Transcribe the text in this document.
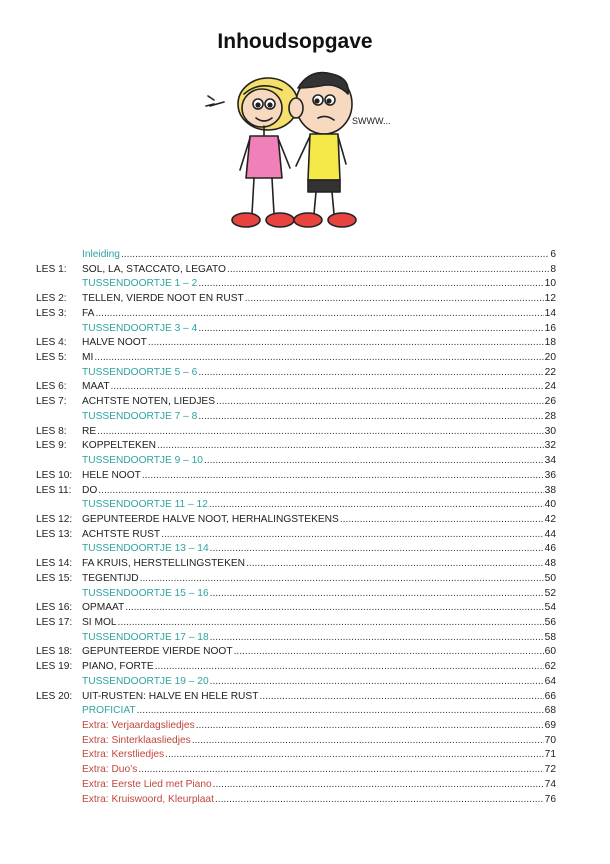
Inhoudsopgave
SWWW...
Inleiding .....	6
LES 1:	SOL, LA, STACCATO, LEGATO .....	8
TUSSENDOORTJE 1 – 2 .....	10
LES 2:	TELLEN, VIERDE NOOT EN RUST .....	12
LES 3:	FA .....	14
TUSSENDOORTJE 3 – 4 .....	16
LES 4:	HALVE NOOT .....	18
LES 5:	MI .....	20
TUSSENDOORTJE 5 – 6 .....	22
LES 6:	MAAT .....	24
LES 7:	ACHTSTE NOTEN, LIEDJES .....	26
TUSSENDOORTJE 7 – 8 .....	28
LES 8:	RE .....	30
LES 9:	KOPPELTEKEN .....	32
TUSSENDOORTJE 9 – 10 .....	34
LES 10: HELE NOOT .....	36
LES 11:	DO .....	38
TUSSENDOORTJE 11 – 12 .....	40
LES 12: GEPUNTEERDE HALVE NOOT, HERHALINGSTEKENS .....	42
LES 13: ACHTSTE RUST .....	44
TUSSENDOORTJE 13 – 14 .....	46
LES 14: FA KRUIS, HERSTELLINGSTEKEN .....	48
LES 15: TEGENTIJD .....	50
TUSSENDOORTJE 15 – 16 .....	52
LES 16: OPMAAT .....	54
LES 17: SI MOL .....	56
TUSSENDOORTJE 17 – 18 .....	58
LES 18: GEPUNTEERDE VIERDE NOOT .....	60
LES 19: PIANO, FORTE .....	62
TUSSENDOORTJE 19 – 20 .....	64
LES 20: UIT-RUSTEN: HALVE EN HELE RUST .....	66
PROFICIAT .....	68
Extra: Verjaardagsliedjes .....	69
Extra: Sinterklaasliedjes .....	70
Extra: Kerstliedjes .....	71
Extra: Duo’s .....	72
Extra: Eerste Lied met Piano .....	74
Extra: Kruiswoord, Kleurplaat .....	76
